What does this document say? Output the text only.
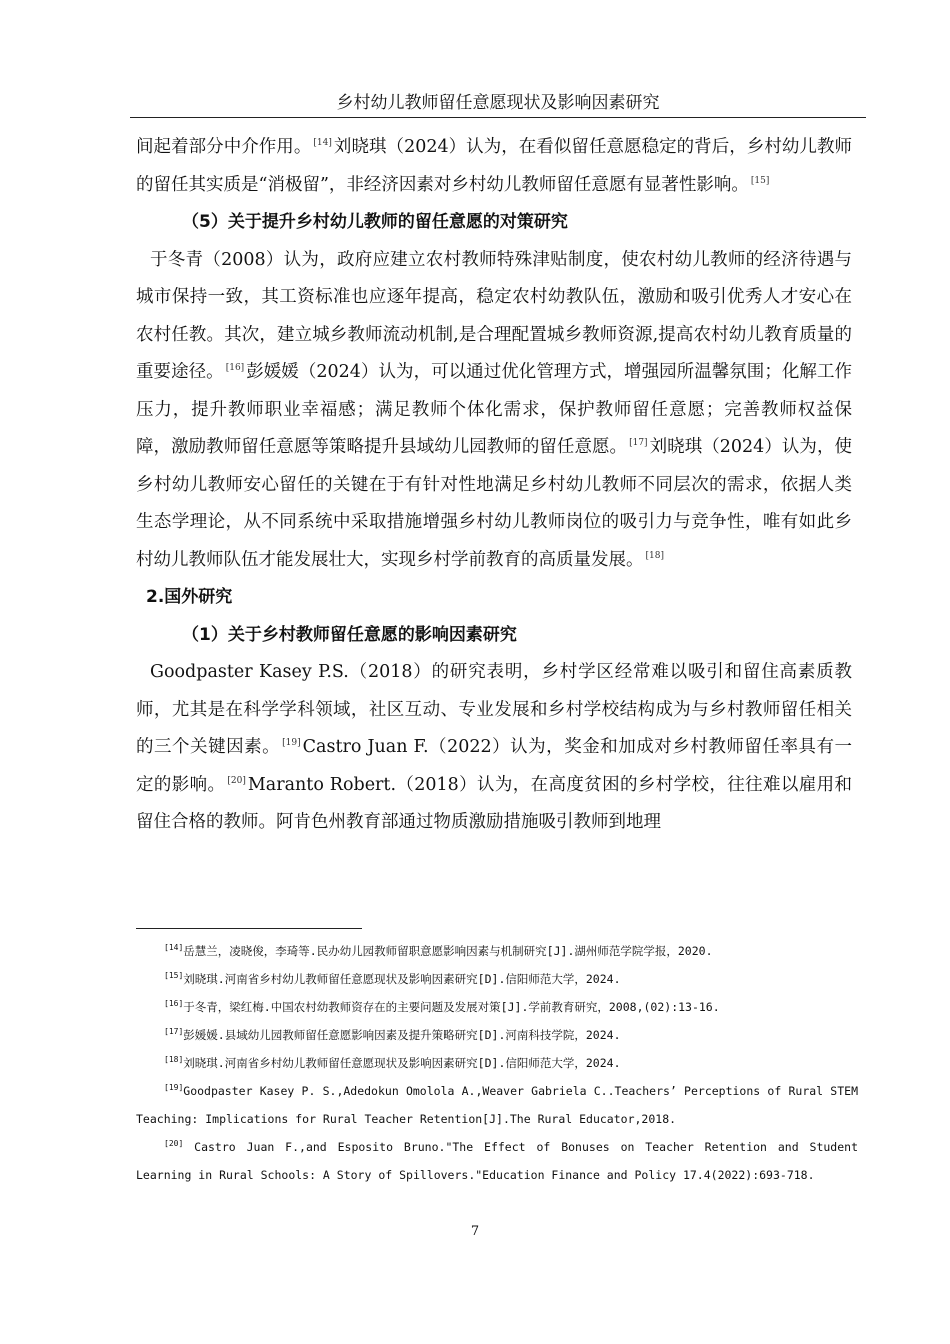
乡村幼儿教师留任意愿现状及影响因素研究

间起着部分中介作用。 [14] 刘晓琪（2024）认为，在看似留任意愿稳定的背后，乡村幼儿教师的留任其实质是“消极留”，非经济因素对乡村幼儿教师留任意愿有显著性影响。 [15]

（5）关于提升乡村幼儿教师的留任意愿的对策研究

于冬青（2008）认为，政府应建立农村教师特殊津贴制度，使农村幼儿教师的经济待遇与城市保持一致，其工资标准也应逐年提高，稳定农村幼教队伍，激励和吸引优秀人才安心在农村任教。其次，建立城乡教师流动机制,是合理配置城乡教师资源,提高农村幼儿教育质量的重要途径。 [16] 彭媛媛（2024）认为，可以通过优化管理方式，增强园所温馨氛围；化解工作压力，提升教师职业幸福感；满足教师个体化需求，保护教师留任意愿；完善教师权益保障，激励教师留任意愿等策略提升县域幼儿园教师的留任意愿。 [17] 刘晓琪（2024）认为，使乡村幼儿教师安心留任的关键在于有针对性地满足乡村幼儿教师不同层次的需求，依据人类生态学理论，从不同系统中采取措施增强乡村幼儿教师岗位的吸引力与竞争性，唯有如此乡村幼儿教师队伍才能发展壮大，实现乡村学前教育的高质量发展。 [18]

2.国外研究

（1）关于乡村教师留任意愿的影响因素研究

Goodpaster Kasey P.S.（2018）的研究表明，乡村学区经常难以吸引和留住高素质教师，尤其是在科学学科领域，社区互动、专业发展和乡村学校结构成为与乡村教师留任相关的三个关键因素。 [19] Castro Juan F.（2022）认为，奖金和加成对乡村教师留任率具有一定的影响。 [20] Maranto Robert.（2018）认为，在高度贫困的乡村学校，往往难以雇用和留住合格的教师。阿肯色州教育部通过物质激励措施吸引教师到地理

[14]岳慧兰，凌晓俊，李琦等.民办幼儿园教师留职意愿影响因素与机制研究[J].湖州师范学院学报，2020.

[15]刘晓琪.河南省乡村幼儿教师留任意愿现状及影响因素研究[D].信阳师范大学，2024.

[16]于冬青，梁红梅.中国农村幼教师资存在的主要问题及发展对策[J].学前教育研究，2008,(02):13-16.

[17]彭媛媛.县域幼儿园教师留任意愿影响因素及提升策略研究[D].河南科技学院，2024.

[18]刘晓琪.河南省乡村幼儿教师留任意愿现状及影响因素研究[D].信阳师范大学，2024.

[19]Goodpaster Kasey P. S.,Adedokun Omolola A.,Weaver Gabriela C..Teachers’ Perceptions of Rural STEM Teaching: Implications for Rural Teacher Retention[J].The Rural Educator,2018.

[20] Castro Juan F.,and Esposito Bruno."The Effect of Bonuses on Teacher Retention and Student Learning in Rural Schools: A Story of Spillovers."Education Finance and Policy 17.4(2022):693-718.

7
